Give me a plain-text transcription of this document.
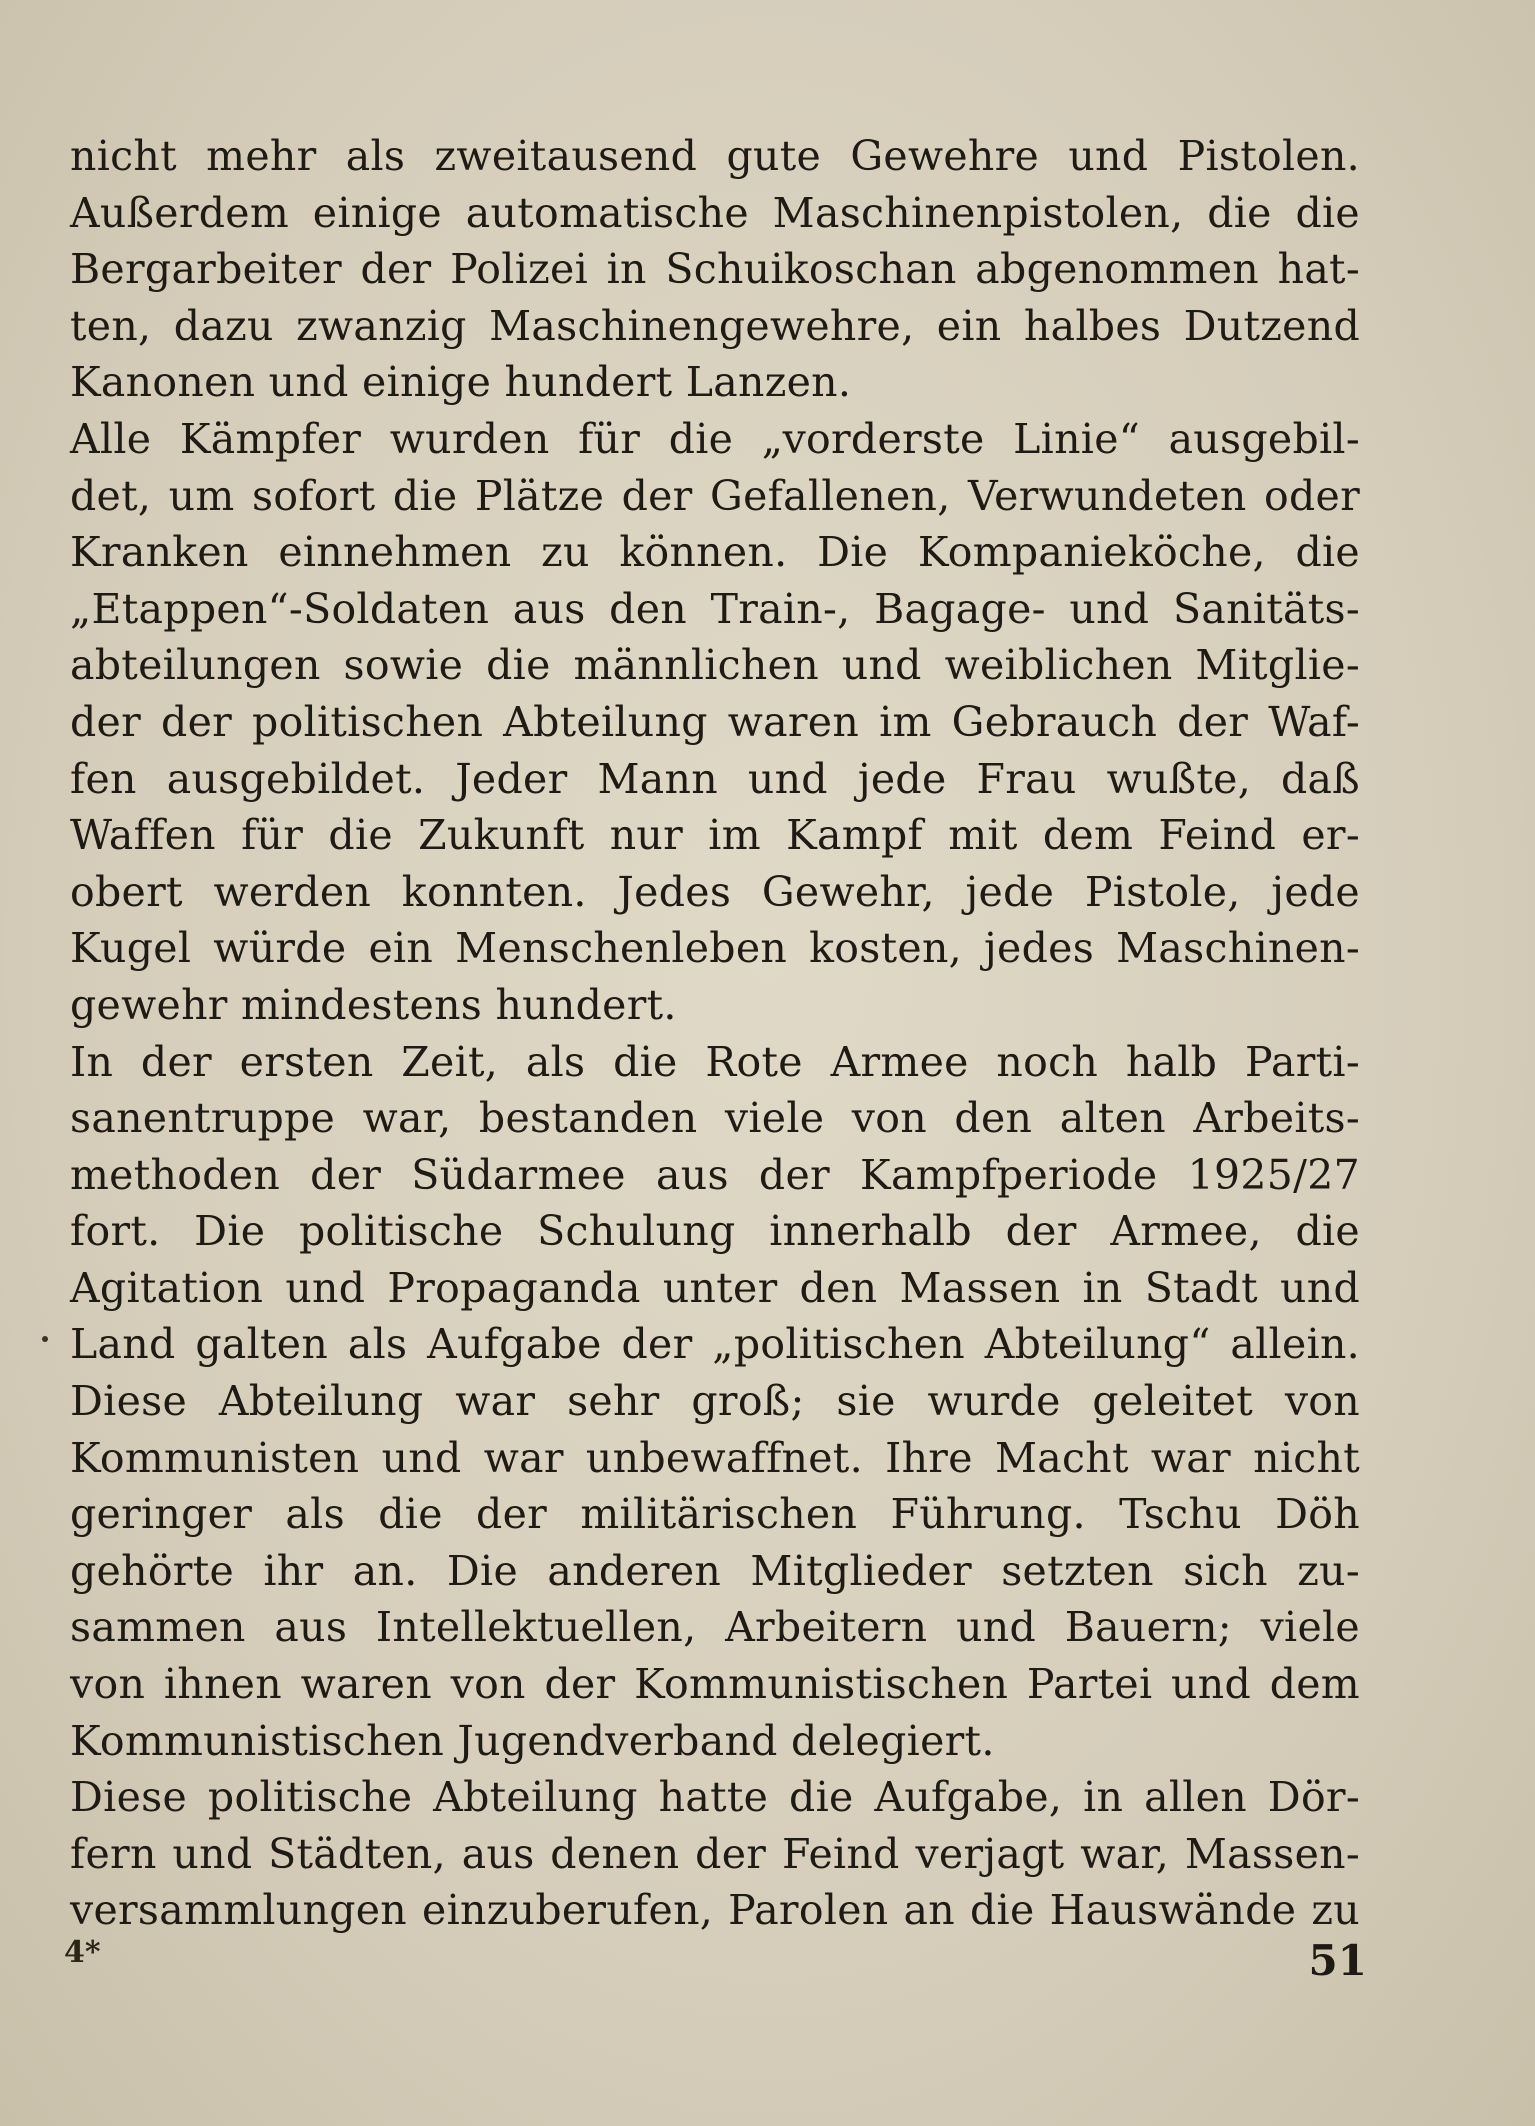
nicht mehr als zweitausend gute Gewehre und Pistolen.
Außerdem einige automatische Maschinenpistolen, die die
Bergarbeiter der Polizei in Schuikoschan abgenommen hat-
ten, dazu zwanzig Maschinengewehre, ein halbes Dutzend
Kanonen und einige hundert Lanzen.
Alle Kämpfer wurden für die „vorderste Linie“ ausgebil-
det, um sofort die Plätze der Gefallenen, Verwundeten oder
Kranken einnehmen zu können. Die Kompanieköche, die
„Etappen“-Soldaten aus den Train-, Bagage- und Sanitäts-
abteilungen sowie die männlichen und weiblichen Mitglie-
der der politischen Abteilung waren im Gebrauch der Waf-
fen ausgebildet. Jeder Mann und jede Frau wußte, daß
Waffen für die Zukunft nur im Kampf mit dem Feind er-
obert werden konnten. Jedes Gewehr, jede Pistole, jede
Kugel würde ein Menschenleben kosten, jedes Maschinen-
gewehr mindestens hundert.
In der ersten Zeit, als die Rote Armee noch halb Parti-
sanentruppe war, bestanden viele von den alten Arbeits-
methoden der Südarmee aus der Kampfperiode 1925/27
fort. Die politische Schulung innerhalb der Armee, die
Agitation und Propaganda unter den Massen in Stadt und
Land galten als Aufgabe der „politischen Abteilung“ allein.
Diese Abteilung war sehr groß; sie wurde geleitet von
Kommunisten und war unbewaffnet. Ihre Macht war nicht
geringer als die der militärischen Führung. Tschu Döh
gehörte ihr an. Die anderen Mitglieder setzten sich zu-
sammen aus Intellektuellen, Arbeitern und Bauern; viele
von ihnen waren von der Kommunistischen Partei und dem
Kommunistischen Jugendverband delegiert.
Diese politische Abteilung hatte die Aufgabe, in allen Dör-
fern und Städten, aus denen der Feind verjagt war, Massen-
versammlungen einzuberufen, Parolen an die Hauswände zu
4*	51
